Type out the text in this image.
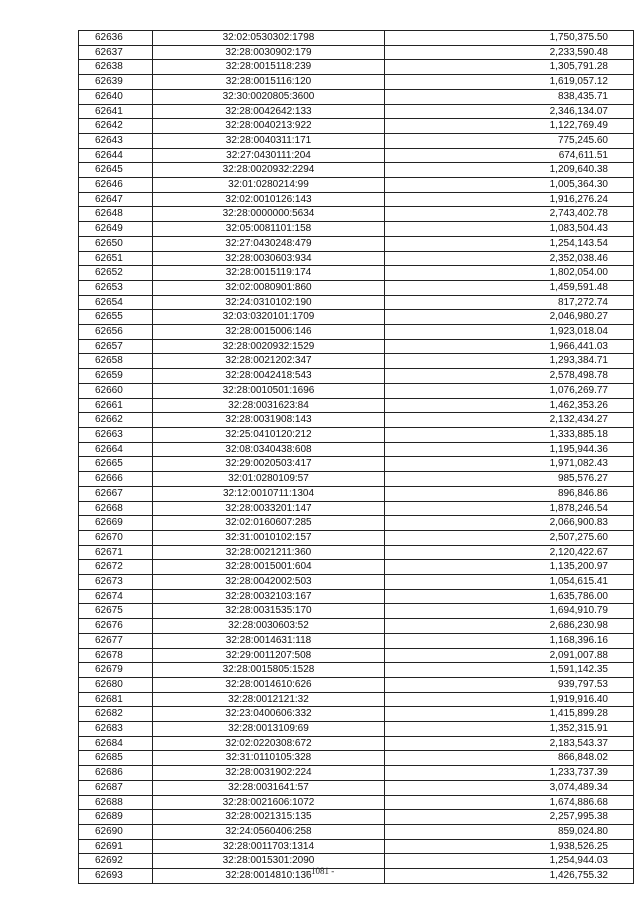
62636	32:02:0530302:1798	1,750,375.50
62637	32:28:0030902:179	2,233,590.48
62638	32:28:0015118:239	1,305,791.28
62639	32:28:0015116:120	1,619,057.12
62640	32:30:0020805:3600	838,435.71
62641	32:28:0042642:133	2,346,134.07
62642	32:28:0040213:922	1,122,769.49
62643	32:28:0040311:171	775,245.60
62644	32:27:0430111:204	674,611.51
62645	32:28:0020932:2294	1,209,640.38
62646	32:01:0280214:99	1,005,364.30
62647	32:02:0010126:143	1,916,276.24
62648	32:28:0000000:5634	2,743,402.78
62649	32:05:0081101:158	1,083,504.43
62650	32:27:0430248:479	1,254,143.54
62651	32:28:0030603:934	2,352,038.46
62652	32:28:0015119:174	1,802,054.00
62653	32:02:0080901:860	1,459,591.48
62654	32:24:0310102:190	817,272.74
62655	32:03:0320101:1709	2,046,980.27
62656	32:28:0015006:146	1,923,018.04
62657	32:28:0020932:1529	1,966,441.03
62658	32:28:0021202:347	1,293,384.71
62659	32:28:0042418:543	2,578,498.78
62660	32:28:0010501:1696	1,076,269.77
62661	32:28:0031623:84	1,462,353.26
62662	32:28:0031908:143	2,132,434.27
62663	32:25:0410120:212	1,333,885.18
62664	32:08:0340438:608	1,195,944.36
62665	32:29:0020503:417	1,971,082.43
62666	32:01:0280109:57	985,576.27
62667	32:12:0010711:1304	896,846.86
62668	32:28:0033201:147	1,878,246.54
62669	32:02:0160607:285	2,066,900.83
62670	32:31:0010102:157	2,507,275.60
62671	32:28:0021211:360	2,120,422.67
62672	32:28:0015001:604	1,135,200.97
62673	32:28:0042002:503	1,054,615.41
62674	32:28:0032103:167	1,635,786.00
62675	32:28:0031535:170	1,694,910.79
62676	32:28:0030603:52	2,686,230.98
62677	32:28:0014631:118	1,168,396.16
62678	32:29:0011207:508	2,091,007.88
62679	32:28:0015805:1528	1,591,142.35
62680	32:28:0014610:626	939,797.53
62681	32:28:0012121:32	1,919,916.40
62682	32:23:0400606:332	1,415,899.28
62683	32:28:0013109:69	1,352,315.91
62684	32:02:0220308:672	2,183,543.37
62685	32:31:0110105:328	866,848.02
62686	32:28:0031902:224	1,233,737.39
62687	32:28:0031641:57	3,074,489.34
62688	32:28:0021606:1072	1,674,886.68
62689	32:28:0021315:135	2,257,995.38
62690	32:24:0560406:258	859,024.80
62691	32:28:0011703:1314	1,938,526.25
62692	32:28:0015301:2090	1,254,944.03
62693	32:28:0014810:136	1,426,755.32
- 1081 -
